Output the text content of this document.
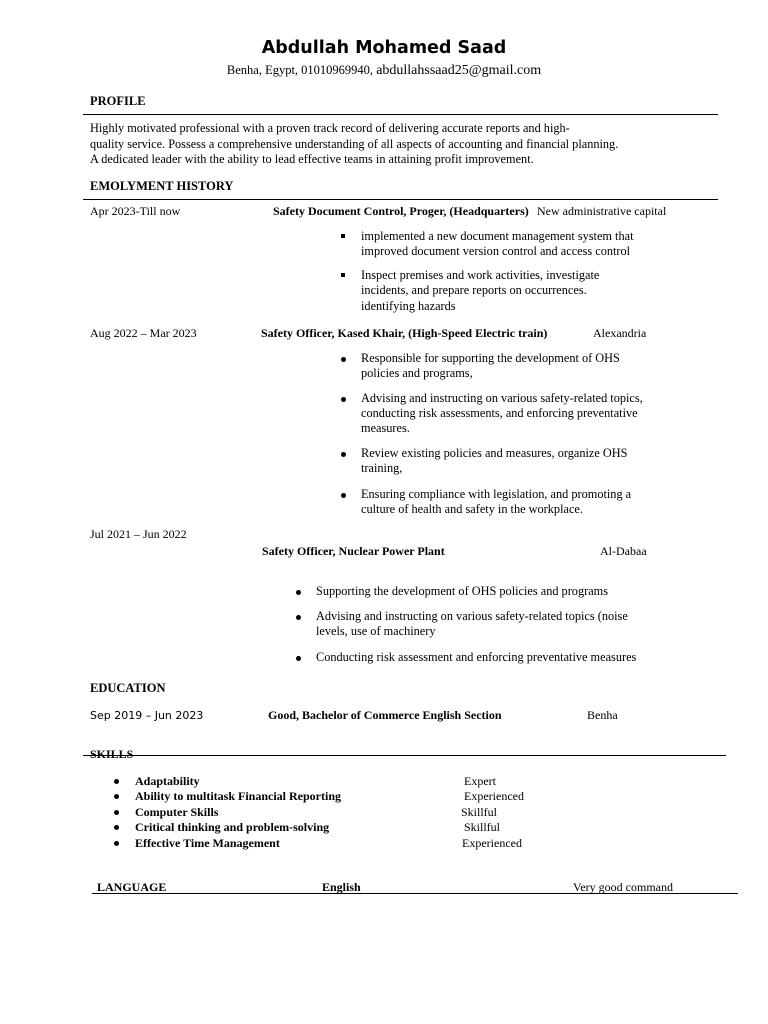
Abdullah Mohamed Saad
Benha, Egypt, 01010969940, abdullahssaad25@gmail.com
PROFILE
Highly motivated professional with a proven track record of delivering accurate reports and high-
quality service. Possess a comprehensive understanding of all aspects of accounting and financial planning.
A dedicated leader with the ability to lead effective teams in attaining profit improvement.
EMOLYMENT HISTORY
Apr 2023-Till now	Safety Document Control, Proger, (Headquarters) New administrative capital
implemented a new document management system that
improved document version control and access control
Inspect premises and work activities, investigate
incidents, and prepare reports on occurrences.
identifying hazards
Aug 2022 – Mar 2023	Safety Officer, Kased Khair, (High-Speed Electric train)	Alexandria
Responsible for supporting the development of OHS
policies and programs,
Advising and instructing on various safety-related topics,
conducting risk assessments, and enforcing preventative
measures.
Review existing policies and measures, organize OHS
training,
Ensuring compliance with legislation, and promoting a
culture of health and safety in the workplace.
Jul 2021 – Jun 2022
Safety Officer, Nuclear Power Plant	Al-Dabaa
Supporting the development of OHS policies and programs
Advising and instructing on various safety-related topics (noise
levels, use of machinery
Conducting risk assessment and enforcing preventative measures
EDUCATION
Sep 2019 – Jun 2023	Good, Bachelor of Commerce English Section	Benha
SKILLS
Adaptability	Expert
Ability to multitask Financial Reporting	Experienced
Computer Skills	Skillful
Critical thinking and problem-solving	Skillful
Effective Time Management	Experienced
LANGUAGE	English	Very good command
